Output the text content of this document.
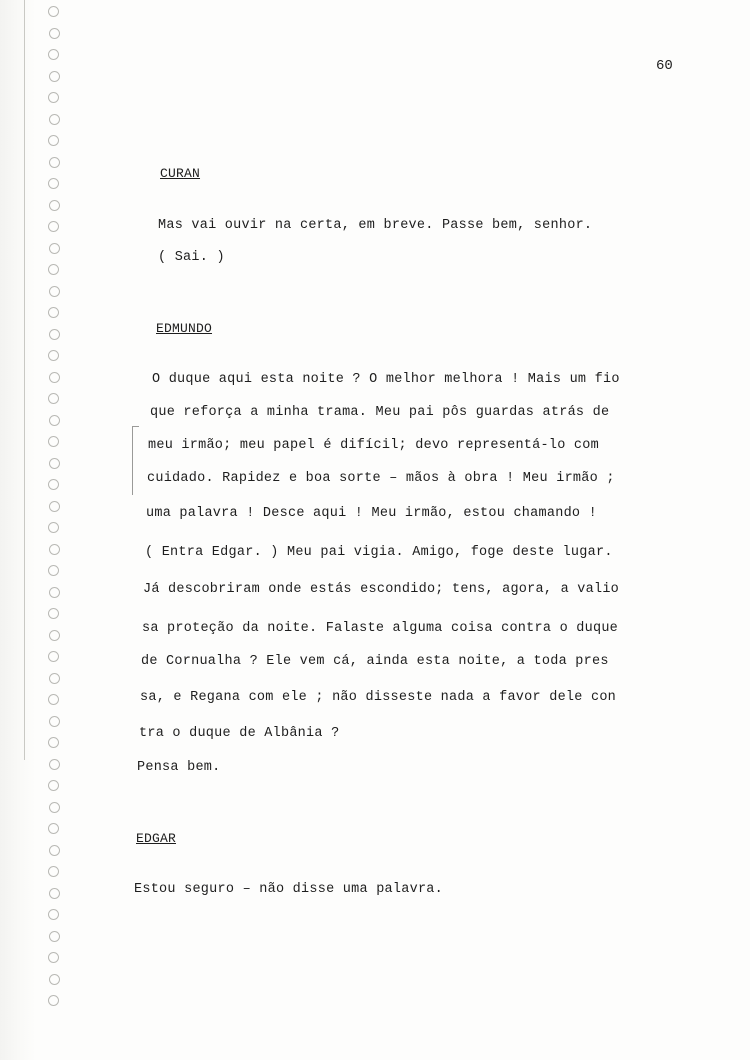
60
CURAN
Mas vai ouvir na certa, em breve. Passe bem, senhor.
( Sai. )
EDMUNDO
O duque aqui esta noite ? O melhor melhora ! Mais um fio
que reforça a minha trama. Meu pai pôs guardas atrás de
meu irmão; meu papel é difícil; devo representá-lo com
cuidado. Rapidez e boa sorte – mãos à obra ! Meu irmão ;
uma palavra ! Desce aqui ! Meu irmão, estou chamando !
( Entra Edgar. ) Meu pai vigia. Amigo, foge deste lugar.
Já descobriram onde estás escondido; tens, agora, a valio
sa proteção da noite. Falaste alguma coisa contra o duque
de Cornualha ? Ele vem cá, ainda esta noite, a toda pres
sa, e Regana com ele ; não disseste nada a favor dele con
tra o duque de Albânia ?
Pensa bem.
EDGAR
Estou seguro – não disse uma palavra.
